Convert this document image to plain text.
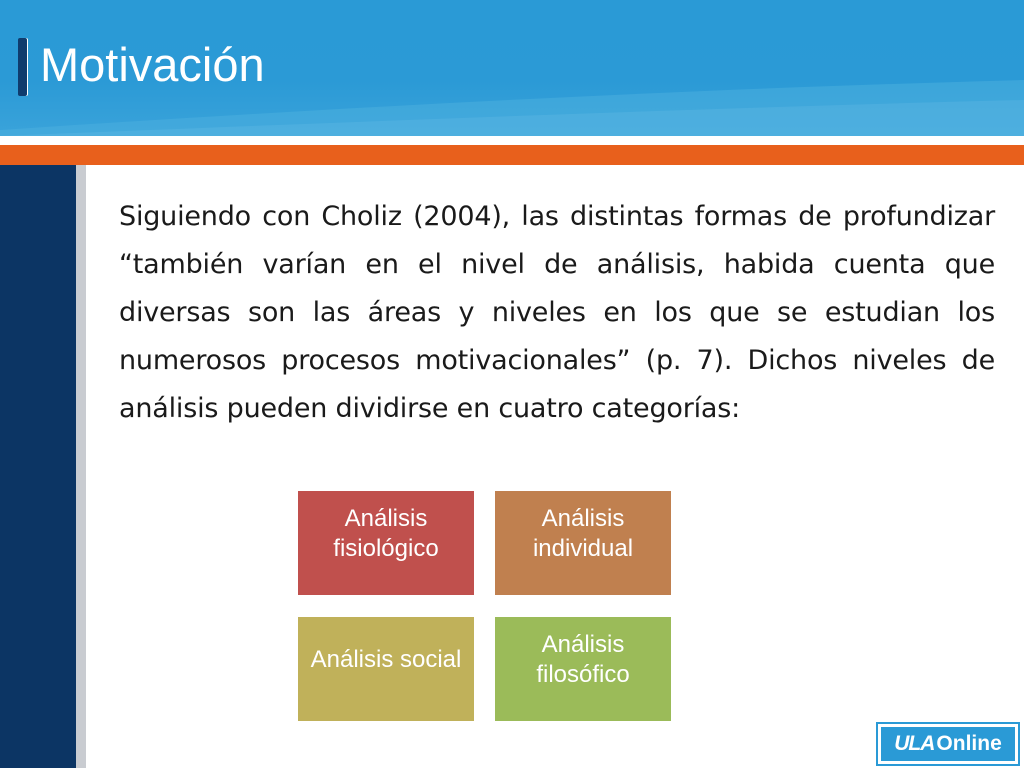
Motivación
Siguiendo con Choliz (2004), las distintas formas de profundizar “también varían en el nivel de análisis, habida cuenta que diversas son las áreas y niveles en los que se estudian los numerosos procesos motivacionales” (p. 7). Dichos niveles de análisis pueden dividirse en cuatro categorías:
Análisis fisiológico
Análisis individual
Análisis social
Análisis filosófico
ULAOnline
